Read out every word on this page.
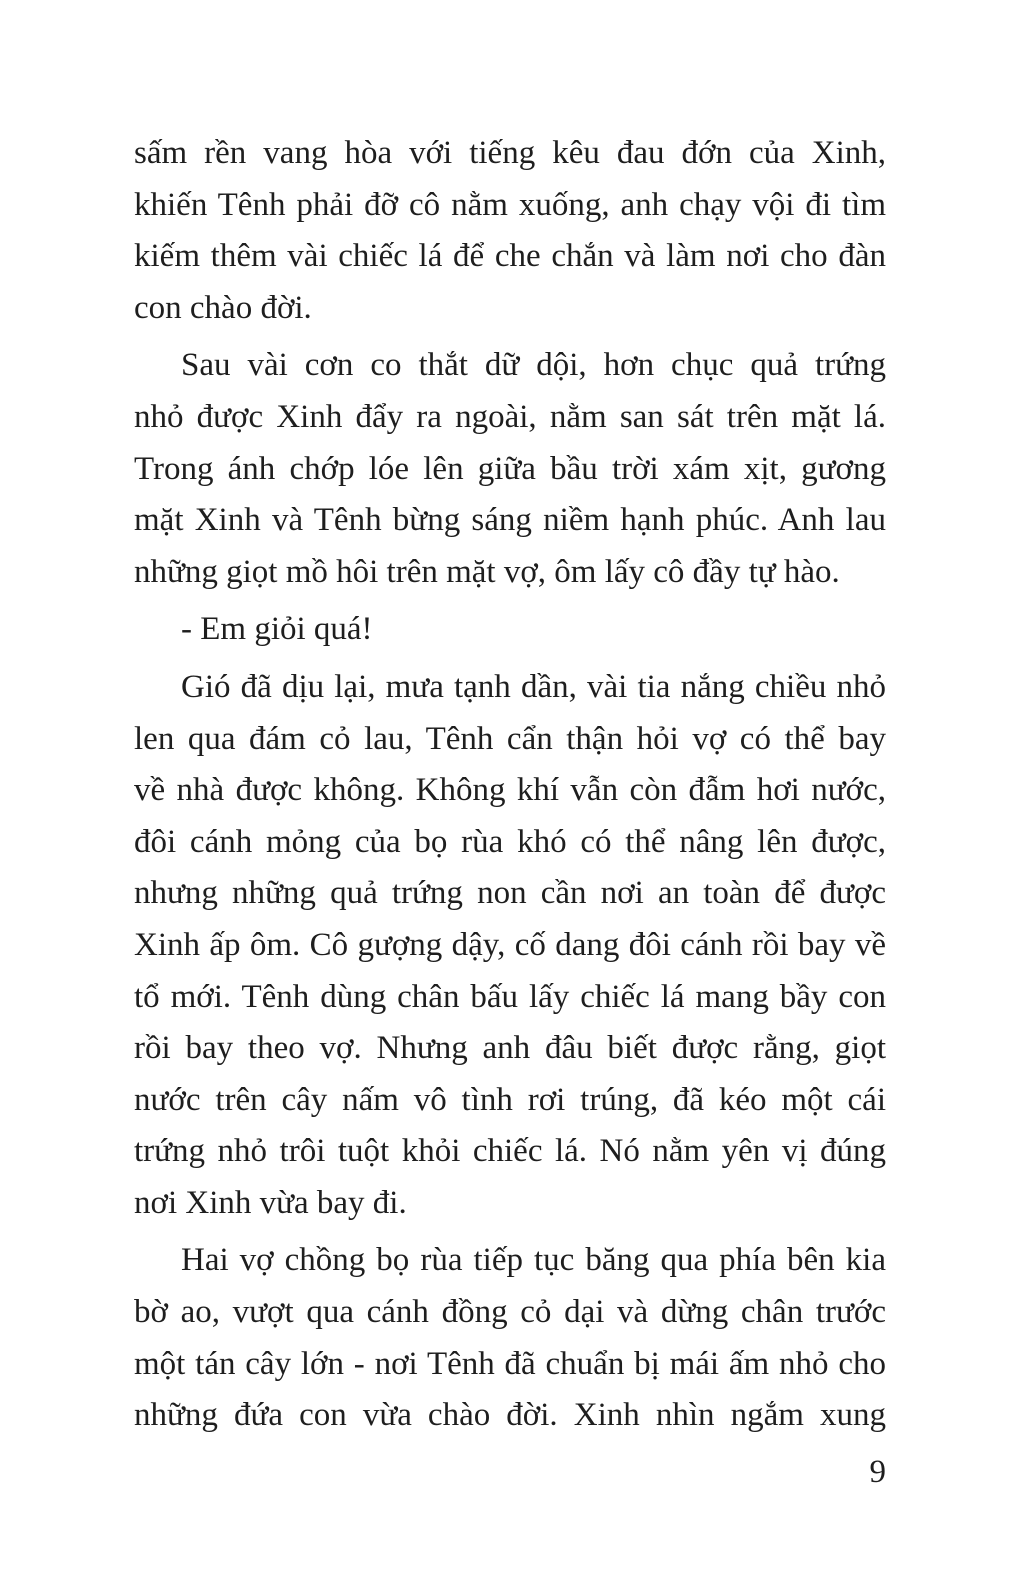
sấm rền vang hòa với tiếng kêu đau đớn của Xinh,
khiến Tênh phải đỡ cô nằm xuống, anh chạy vội đi tìm
kiếm thêm vài chiếc lá để che chắn và làm nơi cho đàn
con chào đời.
Sau vài cơn co thắt dữ dội, hơn chục quả trứng
nhỏ được Xinh đẩy ra ngoài, nằm san sát trên mặt lá.
Trong ánh chớp lóe lên giữa bầu trời xám xịt, gương
mặt Xinh và Tênh bừng sáng niềm hạnh phúc. Anh lau
những giọt mồ hôi trên mặt vợ, ôm lấy cô đầy tự hào.
- Em giỏi quá!
Gió đã dịu lại, mưa tạnh dần, vài tia nắng chiều nhỏ
len qua đám cỏ lau, Tênh cẩn thận hỏi vợ có thể bay
về nhà được không. Không khí vẫn còn đẫm hơi nước,
đôi cánh mỏng của bọ rùa khó có thể nâng lên được,
nhưng những quả trứng non cần nơi an toàn để được
Xinh ấp ôm. Cô gượng dậy, cố dang đôi cánh rồi bay về
tổ mới. Tênh dùng chân bấu lấy chiếc lá mang bầy con
rồi bay theo vợ. Nhưng anh đâu biết được rằng, giọt
nước trên cây nấm vô tình rơi trúng, đã kéo một cái
trứng nhỏ trôi tuột khỏi chiếc lá. Nó nằm yên vị đúng
nơi Xinh vừa bay đi.
Hai vợ chồng bọ rùa tiếp tục băng qua phía bên kia
bờ ao, vượt qua cánh đồng cỏ dại và dừng chân trước
một tán cây lớn - nơi Tênh đã chuẩn bị mái ấm nhỏ cho
những đứa con vừa chào đời. Xinh nhìn ngắm xung
9
